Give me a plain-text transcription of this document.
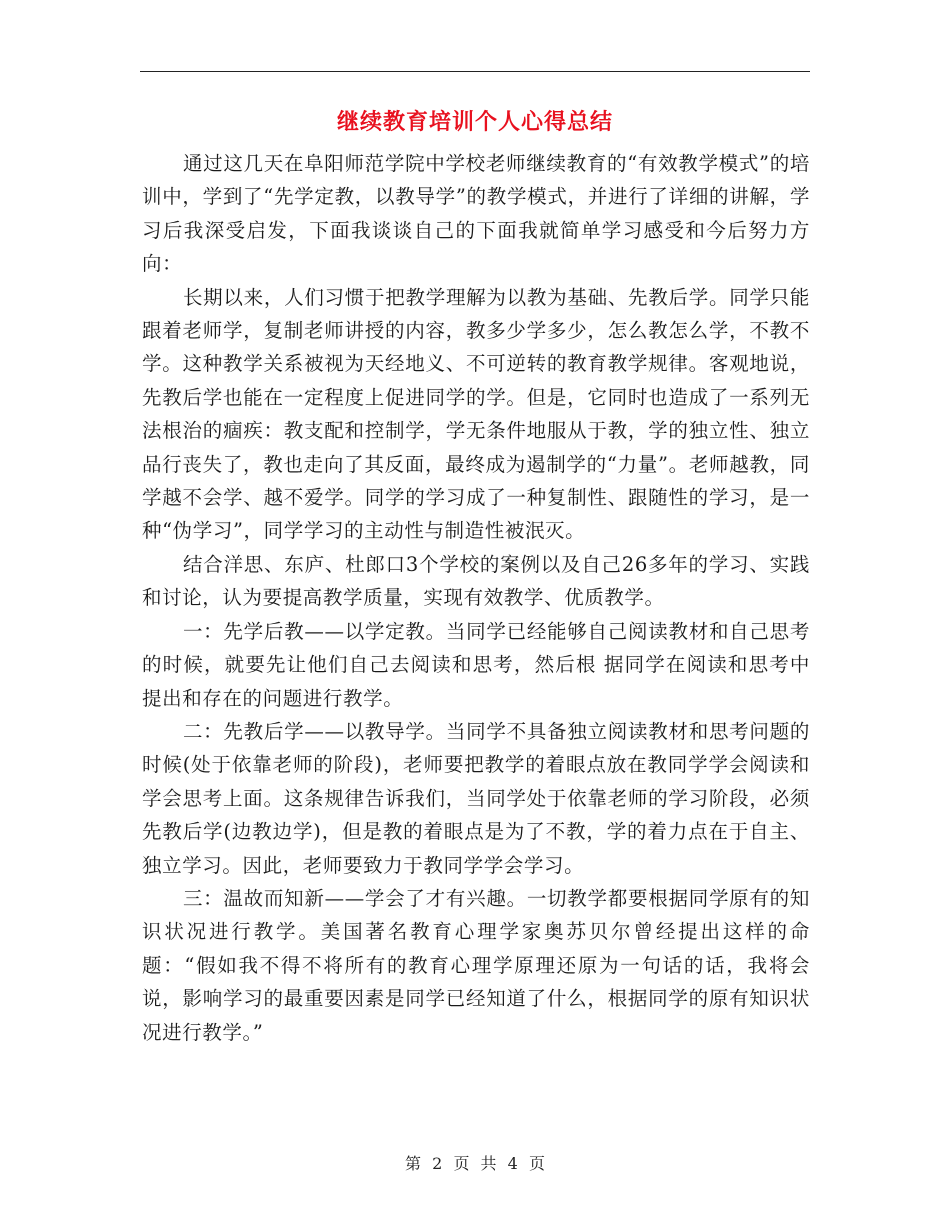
继续教育培训个人心得总结

通过这几天在阜阳师范学院中学校老师继续教育的“有效教学模式”的培训中，学到了“先学定教，以教导学”的教学模式，并进行了详细的讲解，学习后我深受启发，下面我谈谈自己的下面我就简单学习感受和今后努力方向：

长期以来，人们习惯于把教学理解为以教为基础、先教后学。同学只能跟着老师学，复制老师讲授的内容，教多少学多少，怎么教怎么学，不教不学。这种教学关系被视为天经地义、不可逆转的教育教学规律。客观地说，先教后学也能在一定程度上促进同学的学。但是，它同时也造成了一系列无法根治的痼疾：教支配和控制学，学无条件地服从于教，学的独立性、独立品行丧失了，教也走向了其反面，最终成为遏制学的“力量”。老师越教，同学越不会学、越不爱学。同学的学习成了一种复制性、跟随性的学习，是一种“伪学习”，同学学习的主动性与制造性被泯灭。

结合洋思、东庐、杜郎口3个学校的案例以及自己26多年的学习、实践和讨论，认为要提高教学质量，实现有效教学、优质教学。

一：先学后教——以学定教。当同学已经能够自己阅读教材和自己思考的时候，就要先让他们自己去阅读和思考，然后根 据同学在阅读和思考中提出和存在的问题进行教学。

二：先教后学——以教导学。当同学不具备独立阅读教材和思考问题的时候(处于依靠老师的阶段)，老师要把教学的着眼点放在教同学学会阅读和学会思考上面。这条规律告诉我们，当同学处于依靠老师的学习阶段，必须先教后学(边教边学)，但是教的着眼点是为了不教，学的着力点在于自主、独立学习。因此，老师要致力于教同学学会学习。

三：温故而知新——学会了才有兴趣。一切教学都要根据同学原有的知识状况进行教学。美国著名教育心理学家奥苏贝尔曾经提出这样的命题：“假如我不得不将所有的教育心理学原理还原为一句话的话，我将会说，影响学习的最重要因素是同学已经知道了什么，根据同学的原有知识状况进行教学。”

第 2 页 共 4 页
